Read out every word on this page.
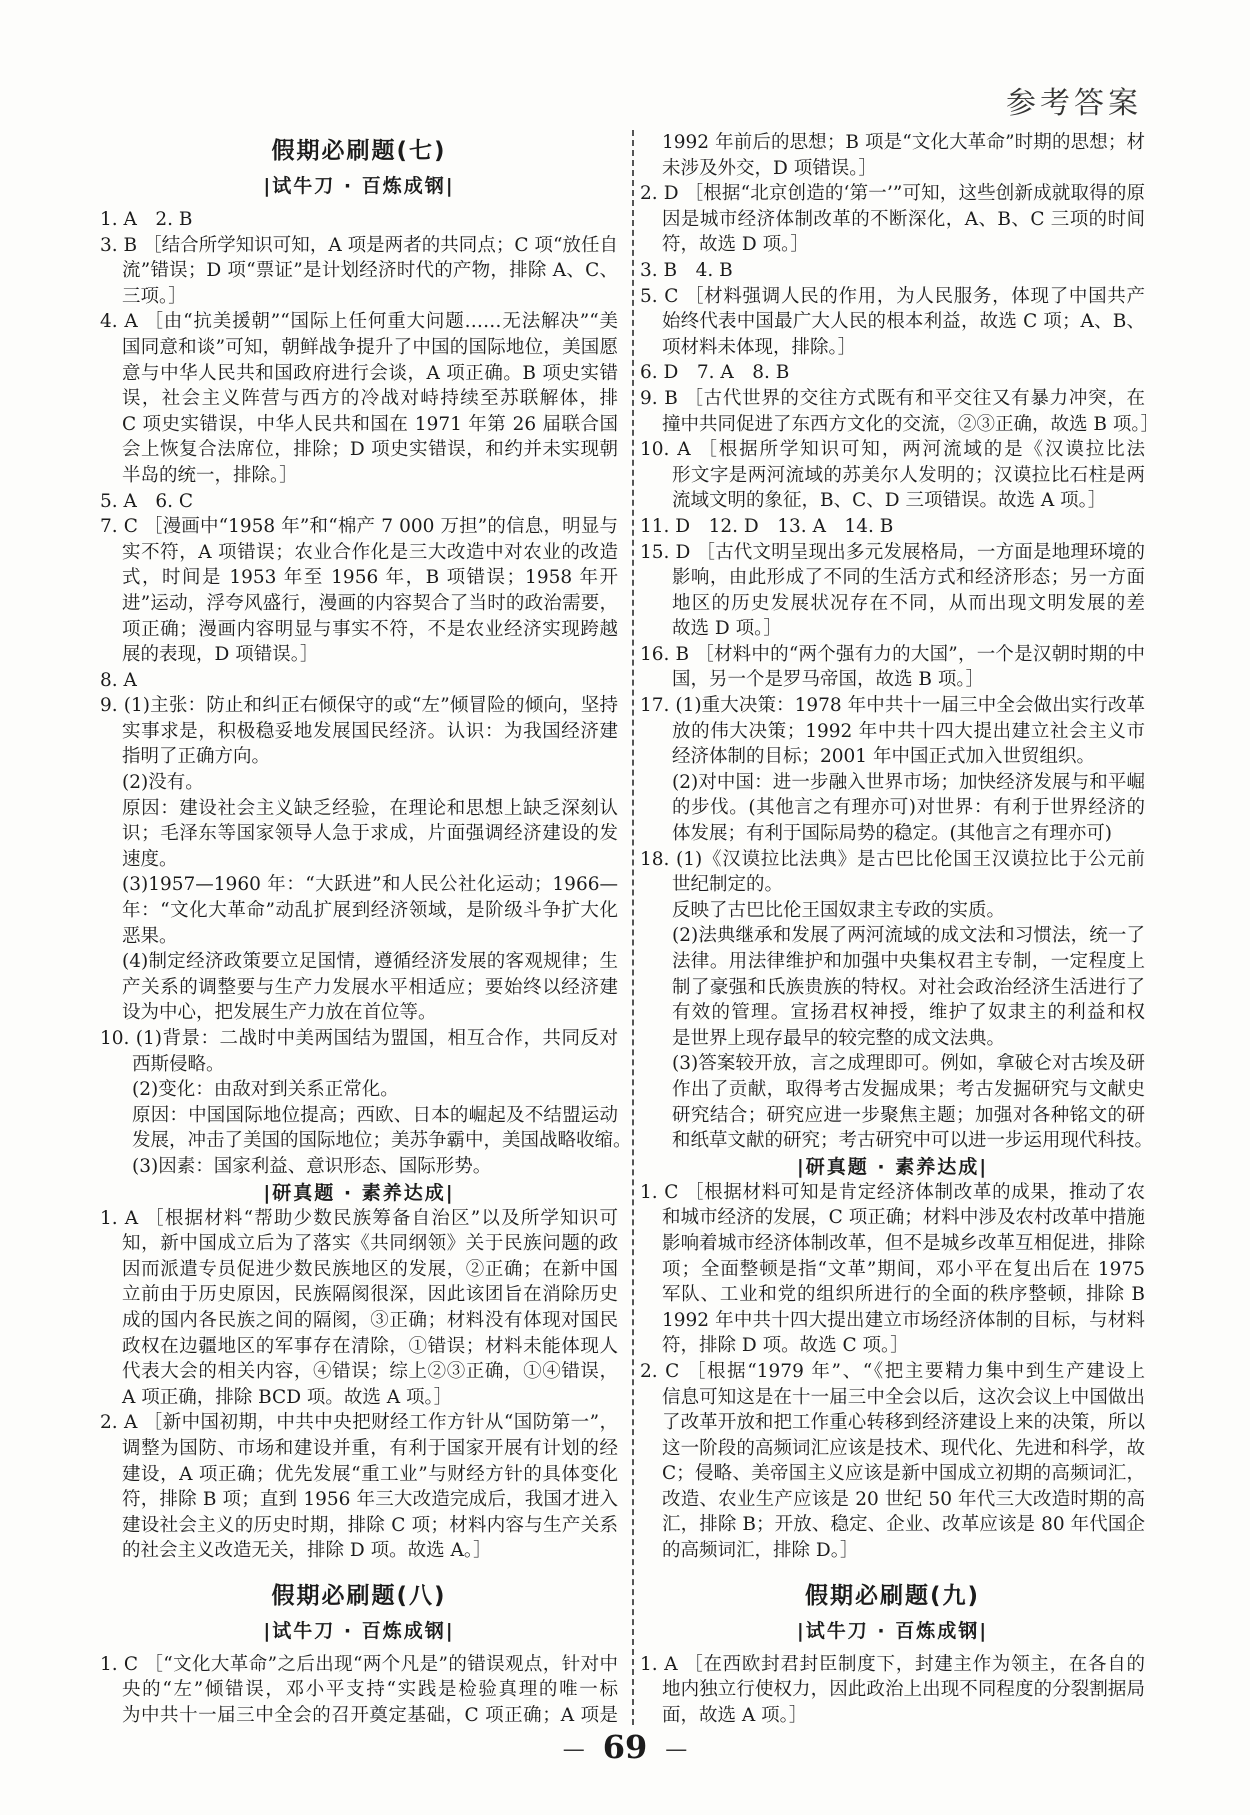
参考答案
假期必刷题(七)
|试牛刀 · 百炼成钢|
1. A　2. B
3. B ［结合所学知识可知，A 项是两者的共同点；C 项“放任自
流”错误；D 项“票证”是计划经济时代的产物，排除 A、C、
三项。］
4. A ［由“抗美援朝”“国际上任何重大问题……无法解决”“美
国同意和谈”可知，朝鲜战争提升了中国的国际地位，美国愿
意与中华人民共和国政府进行会谈，A 项正确。B 项史实错
误，社会主义阵营与西方的冷战对峙持续至苏联解体，排
C 项史实错误，中华人民共和国在 1971 年第 26 届联合国
会上恢复合法席位，排除；D 项史实错误，和约并未实现朝
半岛的统一，排除。］
5. A　6. C
7. C ［漫画中“1958 年”和“棉产 7 000 万担”的信息，明显与
实不符，A 项错误；农业合作化是三大改造中对农业的改造
式，时间是 1953 年至 1956 年，B 项错误；1958 年开
进”运动，浮夸风盛行，漫画的内容契合了当时的政治需要，
项正确；漫画内容明显与事实不符，不是农业经济实现跨越
展的表现，D 项错误。］
8. A
9. (1)主张：防止和纠正右倾保守的或“左”倾冒险的倾向，坚持
实事求是，积极稳妥地发展国民经济。认识：为我国经济建
指明了正确方向。
(2)没有。
原因：建设社会主义缺乏经验，在理论和思想上缺乏深刻认
识；毛泽东等国家领导人急于求成，片面强调经济建设的发
速度。
(3)1957—1960 年：“大跃进”和人民公社化运动；1966—
年：“文化大革命”动乱扩展到经济领域，是阶级斗争扩大化
恶果。
(4)制定经济政策要立足国情，遵循经济发展的客观规律；生
产关系的调整要与生产力发展水平相适应；要始终以经济建
设为中心，把发展生产力放在首位等。
10. (1)背景：二战时中美两国结为盟国，相互合作，共同反对
西斯侵略。
(2)变化：由敌对到关系正常化。
原因：中国国际地位提高；西欧、日本的崛起及不结盟运动
发展，冲击了美国的国际地位；美苏争霸中，美国战略收缩。
(3)因素：国家利益、意识形态、国际形势。
|研真题 · 素养达成|
1. A ［根据材料“帮助少数民族筹备自治区”以及所学知识可
知，新中国成立后为了落实《共同纲领》关于民族问题的政
因而派遣专员促进少数民族地区的发展，②正确；在新中国
立前由于历史原因，民族隔阂很深，因此该团旨在消除历史
成的国内各民族之间的隔阂，③正确；材料没有体现对国民
政权在边疆地区的军事存在清除，①错误；材料未能体现人
代表大会的相关内容，④错误；综上②③正确，①④错误，
A 项正确，排除 BCD 项。故选 A 项。］
2. A ［新中国初期，中共中央把财经工作方针从“国防第一”，
调整为国防、市场和建设并重，有利于国家开展有计划的经
建设，A 项正确；优先发展“重工业”与财经方针的具体变化
符，排除 B 项；直到 1956 年三大改造完成后，我国才进入
建设社会主义的历史时期，排除 C 项；材料内容与生产关系
的社会主义改造无关，排除 D 项。故选 A。］
假期必刷题(八)
|试牛刀 · 百炼成钢|
1. C ［“文化大革命”之后出现“两个凡是”的错误观点，针对中
央的“左”倾错误，邓小平支持“实践是检验真理的唯一标
为中共十一届三中全会的召开奠定基础，C 项正确；A 项是
1992 年前后的思想；B 项是“文化大革命”时期的思想；材
未涉及外交，D 项错误。］
2. D ［根据“北京创造的‘第一’”可知，这些创新成就取得的原
因是城市经济体制改革的不断深化，A、B、C 三项的时间
符，故选 D 项。］
3. B　4. B
5. C ［材料强调人民的作用，为人民服务，体现了中国共产
始终代表中国最广大人民的根本利益，故选 C 项；A、B、
项材料未体现，排除。］
6. D　7. A　8. B
9. B ［古代世界的交往方式既有和平交往又有暴力冲突，在
撞中共同促进了东西方文化的交流，②③正确，故选 B 项。］
10. A ［根据所学知识可知，两河流域的是《汉谟拉比法
形文字是两河流域的苏美尔人发明的；汉谟拉比石柱是两
流域文明的象征，B、C、D 三项错误。故选 A 项。］
11. D　12. D　13. A　14. B
15. D ［古代文明呈现出多元发展格局，一方面是地理环境的
影响，由此形成了不同的生活方式和经济形态；另一方面
地区的历史发展状况存在不同，从而出现文明发展的差
故选 D 项。］
16. B ［材料中的“两个强有力的大国”，一个是汉朝时期的中
国，另一个是罗马帝国，故选 B 项。］
17. (1)重大决策：1978 年中共十一届三中全会做出实行改革
放的伟大决策；1992 年中共十四大提出建立社会主义市
经济体制的目标；2001 年中国正式加入世贸组织。
(2)对中国：进一步融入世界市场；加快经济发展与和平崛
的步伐。(其他言之有理亦可)对世界：有利于世界经济的
体发展；有利于国际局势的稳定。(其他言之有理亦可)
18. (1)《汉谟拉比法典》是古巴比伦国王汉谟拉比于公元前
世纪制定的。
反映了古巴比伦王国奴隶主专政的实质。
(2)法典继承和发展了两河流域的成文法和习惯法，统一了
法律。用法律维护和加强中央集权君主专制，一定程度上
制了豪强和氏族贵族的特权。对社会政治经济生活进行了
有效的管理。宣扬君权神授，维护了奴隶主的利益和权
是世界上现存最早的较完整的成文法典。
(3)答案较开放，言之成理即可。例如，拿破仑对古埃及研
作出了贡献，取得考古发掘成果；考古发掘研究与文献史
研究结合；研究应进一步聚焦主题；加强对各种铭文的研
和纸草文献的研究；考古研究中可以进一步运用现代科技。
|研真题 · 素养达成|
1. C ［根据材料可知是肯定经济体制改革的成果，推动了农
和城市经济的发展，C 项正确；材料中涉及农村改革中措施
影响着城市经济体制改革，但不是城乡改革互相促进，排除
项；全面整顿是指“文革”期间，邓小平在复出后在 1975
军队、工业和党的组织所进行的全面的秩序整顿，排除 B
1992 年中共十四大提出建立市场经济体制的目标，与材料
符，排除 D 项。故选 C 项。］
2. C ［根据“1979 年”、“《把主要精力集中到生产建设上
信息可知这是在十一届三中全会以后，这次会议上中国做出
了改革开放和把工作重心转移到经济建设上来的决策，所以
这一阶段的高频词汇应该是技术、现代化、先进和科学，故
C；侵略、美帝国主义应该是新中国成立初期的高频词汇，
改造、农业生产应该是 20 世纪 50 年代三大改造时期的高
汇，排除 B；开放、稳定、企业、改革应该是 80 年代国企
的高频词汇，排除 D。］
假期必刷题(九)
|试牛刀 · 百炼成钢|
1. A ［在西欧封君封臣制度下，封建主作为领主，在各自的
地内独立行使权力，因此政治上出现不同程度的分裂割据局
面，故选 A 项。］
— 69 —
